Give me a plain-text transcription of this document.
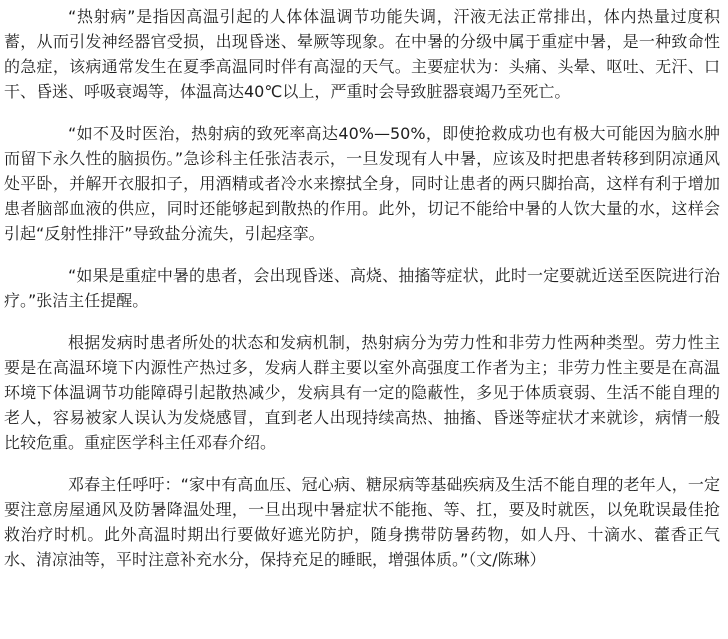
“热射病”是指因高温引起的人体体温调节功能失调，汗液无法正常排出，体内热量过度积蓄，从而引发神经器官受损，出现昏迷、晕厥等现象。在中暑的分级中属于重症中暑，是一种致命性的急症，该病通常发生在夏季高温同时伴有高湿的天气。主要症状为：头痛、头晕、呕吐、无汗、口干、昏迷、呼吸衰竭等，体温高达40℃以上，严重时会导致脏器衰竭乃至死亡。

“如不及时医治，热射病的致死率高达40%—50%，即使抢救成功也有极大可能因为脑水肿而留下永久性的脑损伤。”急诊科主任张洁表示，一旦发现有人中暑，应该及时把患者转移到阴凉通风处平卧，并解开衣服扣子，用酒精或者冷水来擦拭全身，同时让患者的两只脚抬高，这样有利于增加患者脑部血液的供应，同时还能够起到散热的作用。此外，切记不能给中暑的人饮大量的水，这样会引起“反射性排汗”导致盐分流失，引起痉挛。

“如果是重症中暑的患者，会出现昏迷、高烧、抽搐等症状，此时一定要就近送至医院进行治疗。”张洁主任提醒。

根据发病时患者所处的状态和发病机制，热射病分为劳力性和非劳力性两种类型。劳力性主要是在高温环境下内源性产热过多，发病人群主要以室外高强度工作者为主；非劳力性主要是在高温环境下体温调节功能障碍引起散热减少，发病具有一定的隐蔽性，多见于体质衰弱、生活不能自理的老人，容易被家人误认为发烧感冒，直到老人出现持续高热、抽搐、昏迷等症状才来就诊，病情一般比较危重。重症医学科主任邓春介绍。

邓春主任呼吁：“家中有高血压、冠心病、糖尿病等基础疾病及生活不能自理的老年人，一定要注意房屋通风及防暑降温处理，一旦出现中暑症状不能拖、等、扛，要及时就医，以免耽误最佳抢救治疗时机。此外高温时期出行要做好遮光防护，随身携带防暑药物，如人丹、十滴水、藿香正气水、清凉油等，平时注意补充水分，保持充足的睡眠，增强体质。”（文/陈琳）
